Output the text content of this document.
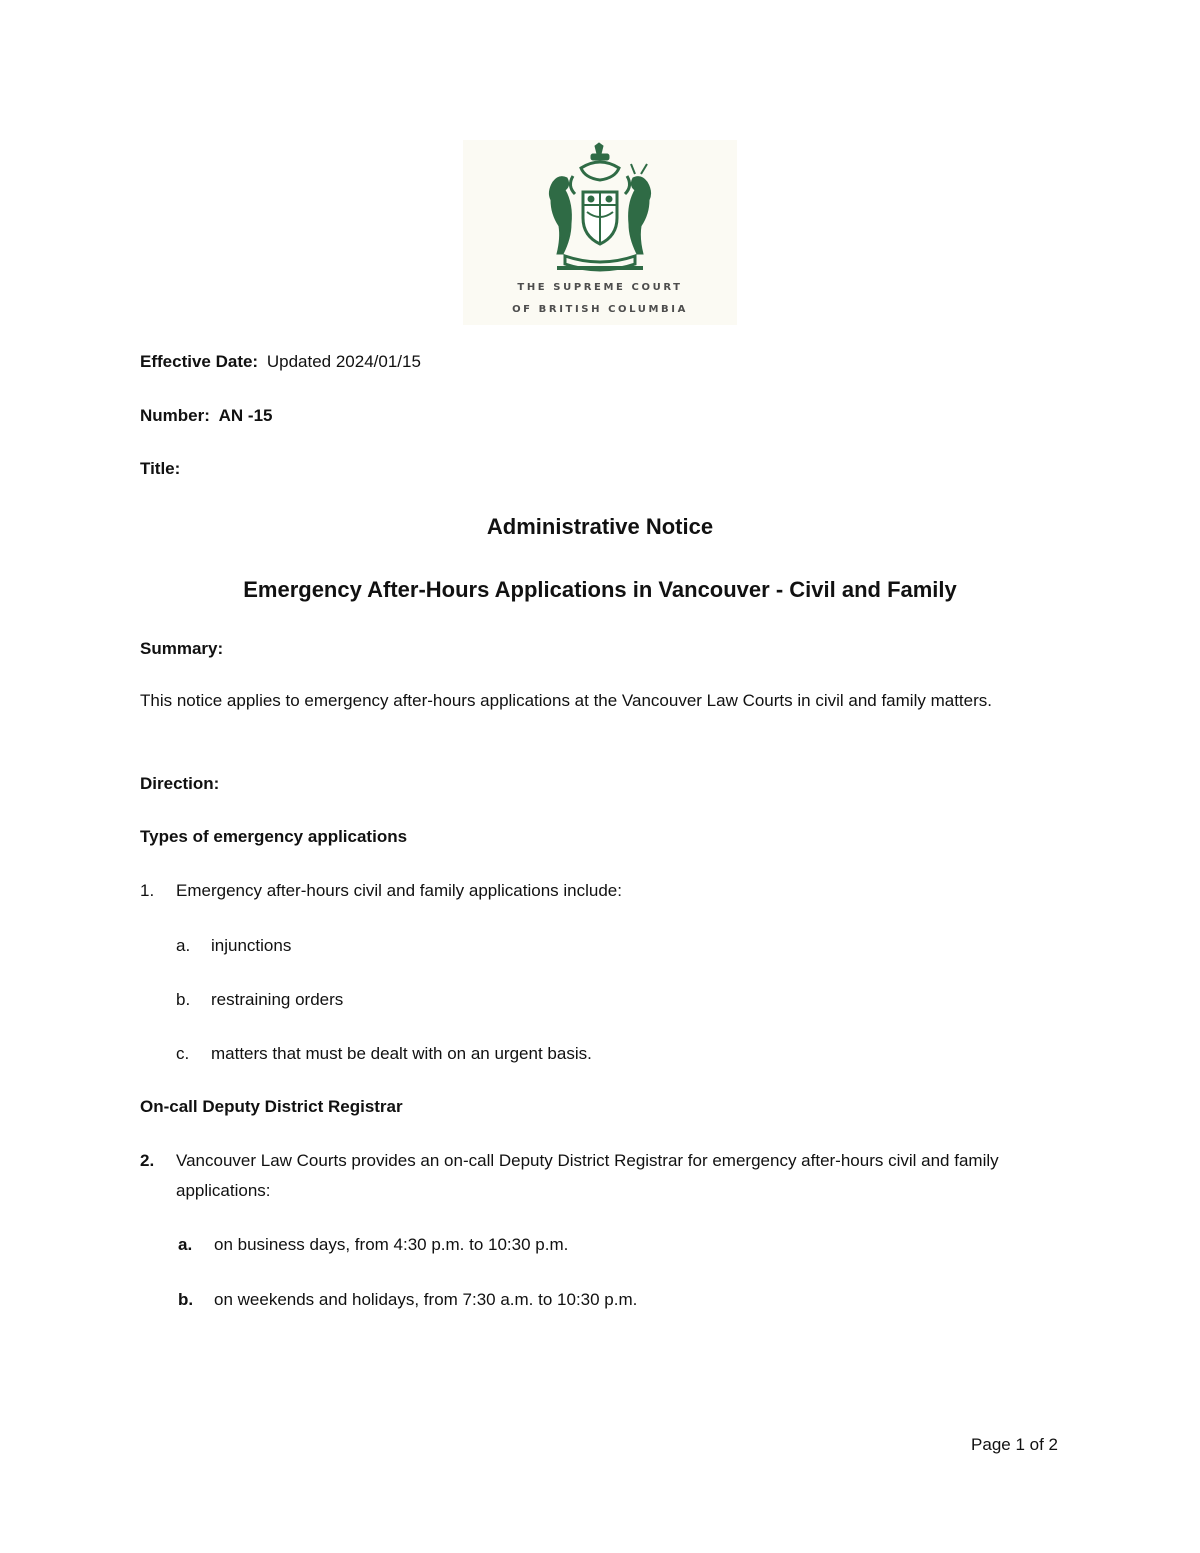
THE SUPREME COURT
OF BRITISH COLUMBIA
Effective Date: Updated 2024/01/15
Number: AN -15
Title:
Administrative Notice
Emergency After-Hours Applications in Vancouver - Civil and Family
Summary:
This notice applies to emergency after-hours applications at the Vancouver Law Courts in civil and family matters.
Direction:
Types of emergency applications
1. Emergency after-hours civil and family applications include:
a. injunctions
b. restraining orders
c. matters that must be dealt with on an urgent basis.
On-call Deputy District Registrar
2. Vancouver Law Courts provides an on-call Deputy District Registrar for emergency after-hours civil and family applications:
a. on business days, from 4:30 p.m. to 10:30 p.m.
b. on weekends and holidays, from 7:30 a.m. to 10:30 p.m.
Page 1 of 2
